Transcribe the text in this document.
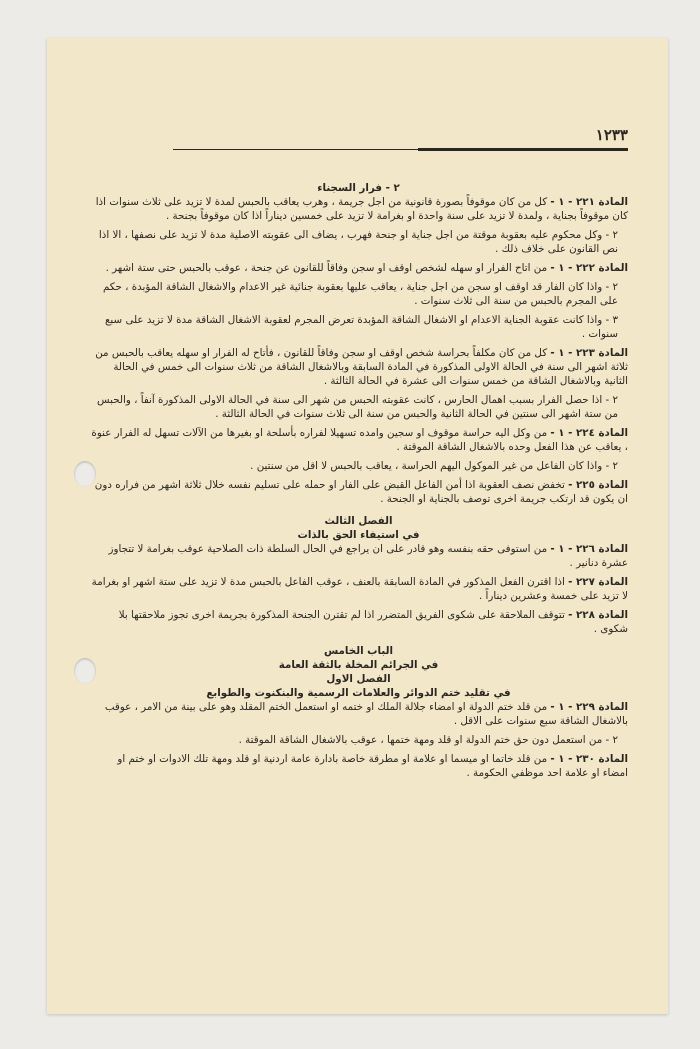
١٢٣٣

٢ - فرار السجناء

المادة ٢٢١ - ١ - كل من كان موقوفاً بصورة قانونية من اجل جريمة ، وهرب يعاقب بالحبس لمدة لا تزيد على ثلاث سنوات اذا كان موقوفاً بجناية ، ولمدة لا تزيد على سنة واحدة او بغرامة لا تزيد على خمسين ديناراً اذا كان موقوفاً بجنحة .

٢ - وكل محكوم عليه بعقوبة موقتة من اجل جناية او جنحة فهرب ، يضاف الى عقوبته الاصلية مدة لا تزيد على نصفها ، الا اذا نص القانون على خلاف ذلك .

المادة ٢٢٢ - ١ - من اتاح الفرار او سهله لشخص اوقف او سجن وفاقاً للقانون عن جنحة ، عوقب بالحبس حتى ستة اشهر .

٢ - واذا كان الفار قد اوقف او سجن من اجل جناية ، يعاقب عليها بعقوبة جنائية غير الاعدام والاشغال الشاقة المؤبدة ، حكم على المجرم بالحبس من سنة الى ثلاث سنوات .

٣ - واذا كانت عقوبة الجناية الاعدام او الاشغال الشاقة المؤبدة تعرض المجرم لعقوبة الاشغال الشاقة مدة لا تزيد على سبع سنوات .

المادة ٢٢٣ - ١ - كل من كان مكلفاً بحراسة شخص اوقف او سجن وفاقاً للقانون ، فأتاح له الفرار او سهله يعاقب بالحبس من ثلاثة اشهر الى سنة في الحالة الاولى المذكورة في المادة السابقة وبالاشغال الشاقة من ثلاث سنوات الى خمس في الحالة الثانية وبالاشغال الشاقة من خمس سنوات الى عشرة في الحالة الثالثة .

٢ - اذا حصل الفرار بسبب اهمال الحارس ، كانت عقوبته الحبس من شهر الى سنة في الحالة الاولى المذكورة آنفاً ، والحبس من ستة اشهر الى سنتين في الحالة الثانية والحبس من سنة الى ثلاث سنوات في الحالة الثالثة .

المادة ٢٢٤ - ١ - من وكل اليه حراسة موقوف او سجين وامده تسهيلا لفراره بأسلحة او بغيرها من الآلات تسهل له الفرار عنوة ، يعاقب عن هذا الفعل وحده بالاشغال الشاقة الموقتة .

٢ - واذا كان الفاعل من غير الموكول اليهم الحراسة ، يعاقب بالحبس لا اقل من سنتين .

المادة ٢٢٥ - تخفض نصف العقوبة اذا أمن الفاعل القبض على الفار او حمله على تسليم نفسه خلال ثلاثة اشهر من فراره دون ان يكون قد ارتكب جريمة اخرى توصف بالجناية او الجنحة .

الفصل الثالث

في استيفاء الحق بالذات

المادة ٢٢٦ - ١ - من استوفى حقه بنفسه وهو قادر على ان يراجع في الحال السلطة ذات الصلاحية عوقب بغرامة لا تتجاوز عشرة دنانير .

المادة ٢٢٧ - اذا اقترن الفعل المذكور في المادة السابقة بالعنف ، عوقب الفاعل بالحبس مدة لا تزيد على ستة اشهر او بغرامة لا تزيد على خمسة وعشرين ديناراً .

المادة ٢٢٨ - تتوقف الملاحقة على شكوى الفريق المتضرر اذا لم تقترن الجنحة المذكورة بجريمة اخرى تجوز ملاحقتها بلا شكوى .

الباب الخامس

في الجرائم المخلة بالثقة العامة

الفصل الاول

في تقليد ختم الدوائر والعلامات الرسمية والبنكنوت والطوابع

المادة ٢٢٩ - ١ - من قلد ختم الدولة او امضاء جلالة الملك او ختمه او استعمل الختم المقلد وهو على بينة من الامر ، عوقب بالاشغال الشاقة سبع سنوات على الاقل .

٢ - من استعمل دون حق ختم الدولة او قلد ومهة ختمها ، عوقب بالاشغال الشاقة الموقتة .

المادة ٢٣٠ - ١ - من قلد خاتما او ميسما او علامة او مطرقة خاصة بادارة عامة اردنية او قلد ومهة تلك الادوات او ختم او امضاء او علامة احد موظفي الحكومة .
